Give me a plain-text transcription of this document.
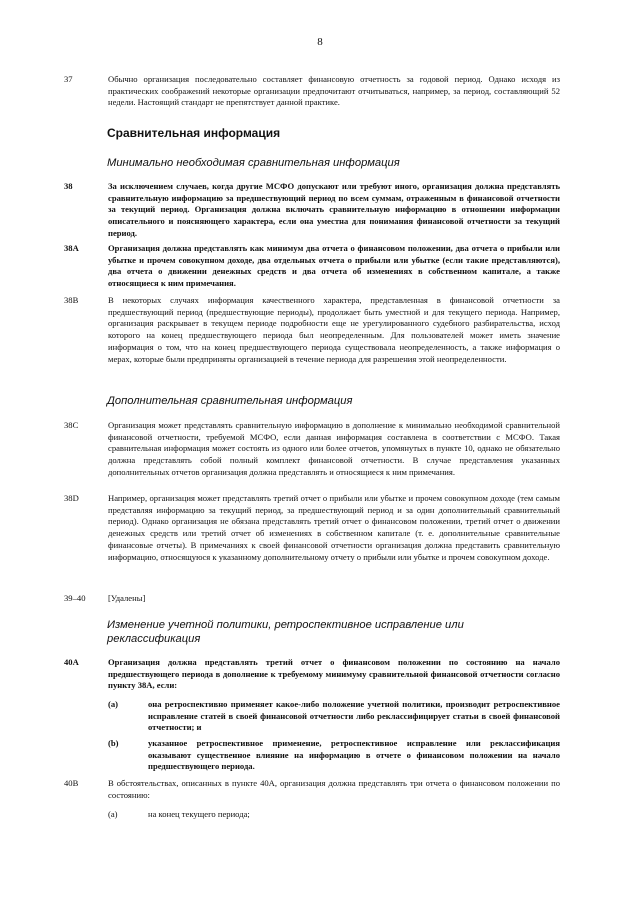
8
37	Обычно организация последовательно составляет финансовую отчетность за годовой период. Однако исходя из практических соображений некоторые организации предпочитают отчитываться, например, за период, составляющий 52 недели. Настоящий стандарт не препятствует данной практике.
Сравнительная информация
Минимально необходимая сравнительная информация
38	За исключением случаев, когда другие МСФО допускают или требуют иного, организация должна представлять сравнительную информацию за предшествующий период по всем суммам, отраженным в финансовой отчетности за текущий период. Организация должна включать сравнительную информацию в отношении информации описательного и поясняющего характера, если она уместна для понимания финансовой отчетности за текущий период.
38A	Организация должна представлять как минимум два отчета о финансовом положении, два отчета о прибыли или убытке и прочем совокупном доходе, два отдельных отчета о прибыли или убытке (если такие представляются), два отчета о движении денежных средств и два отчета об изменениях в собственном капитале, а также относящиеся к ним примечания.
38B	В некоторых случаях информация качественного характера, представленная в финансовой отчетности за предшествующий период (предшествующие периоды), продолжает быть уместной и для текущего периода. Например, организация раскрывает в текущем периоде подробности еще не урегулированного судебного разбирательства, исход которого на конец предшествующего периода был неопределенным. Для пользователей может иметь значение информация о том, что на конец предшествующего периода существовала неопределенность, а также информация о мерах, которые были предприняты организацией в течение периода для разрешения этой неопределенности.
Дополнительная сравнительная информация
38C	Организация может представлять сравнительную информацию в дополнение к минимально необходимой сравнительной финансовой отчетности, требуемой МСФО, если данная информация составлена в соответствии с МСФО. Такая сравнительная информация может состоять из одного или более отчетов, упомянутых в пункте 10, однако не обязательно должна представлять собой полный комплект финансовой отчетности. В случае представления указанных дополнительных отчетов организация должна представлять и относящиеся к ним примечания.
38D	Например, организация может представлять третий отчет о прибыли или убытке и прочем совокупном доходе (тем самым представляя информацию за текущий период, за предшествующий период и за один дополнительный сравнительный период). Однако организация не обязана представлять третий отчет о финансовом положении, третий отчет о движении денежных средств или третий отчет об изменениях в собственном капитале (т. е. дополнительные сравнительные финансовые отчеты). В примечаниях к своей финансовой отчетности организация должна представить сравнительную информацию, относящуюся к указанному дополнительному отчету о прибыли или убытке и прочем совокупном доходе.
39–40	[Удалены]
Изменение учетной политики, ретроспективное исправление или реклассификация
40A	Организация должна представлять третий отчет о финансовом положении по состоянию на начало предшествующего периода в дополнение к требуемому минимуму сравнительной финансовой отчетности согласно пункту 38A, если:
(a)	она ретроспективно применяет какое-либо положение учетной политики, производит ретроспективное исправление статей в своей финансовой отчетности либо реклассифицирует статьи в своей финансовой отчетности; и
(b)	указанное ретроспективное применение, ретроспективное исправление или реклассификация оказывают существенное влияние на информацию в отчете о финансовом положении на начало предшествующего периода.
40B	В обстоятельствах, описанных в пункте 40A, организация должна представлять три отчета о финансовом положении по состоянию:
(a)	на конец текущего периода;
